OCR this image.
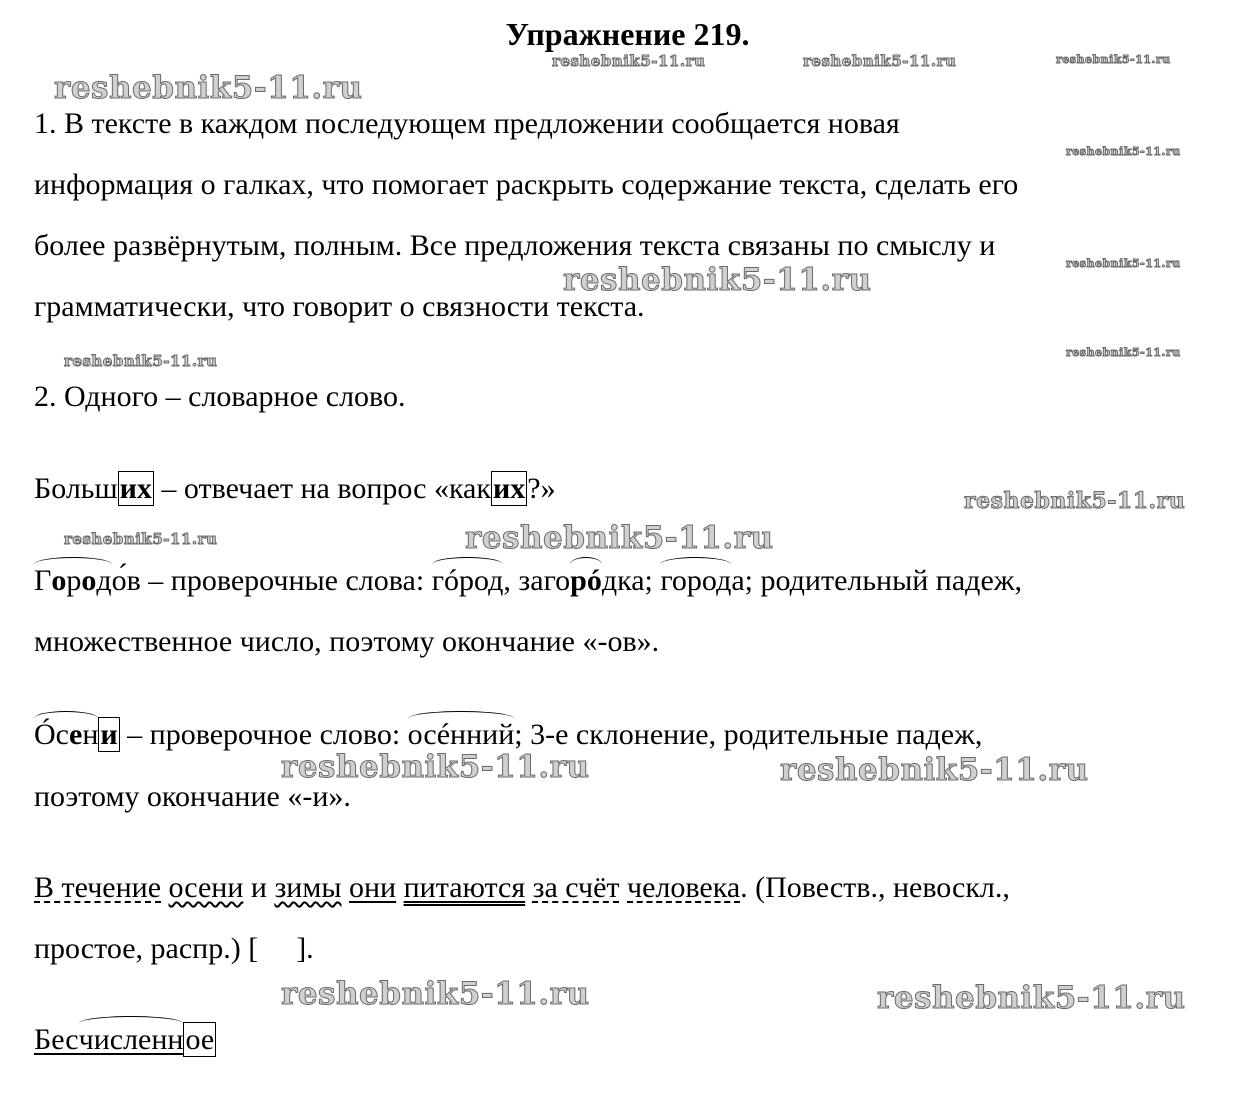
reshebnik5-11.ru
reshebnik5-11.ru	reshebnik5-11.ru	reshebnik5-11.ru
reshebnik5-11.ru
reshebnik5-11.ru
reshebnik5-11.ru
reshebnik5-11.ru	reshebnik5-11.ru
reshebnik5-11.ru
reshebnik5-11.ru	reshebnik5-11.ru
reshebnik5-11.ru	reshebnik5-11.ru
reshebnik5-11.ru	reshebnik5-11.ru
Упражнение 219.
1. В тексте в каждом последующем предложении сообщается новая
информация о галках, что помогает раскрыть содержание текста, сделать его
более развёрнутым, полным. Все предложения текста связаны по смыслу и
грамматически, что говорит о связности текста.
2. Одного – словарное слово.
Больших – отвечает на вопрос «каких?»
Городо́в – проверочные слова: гóрод, загорóдка; города; родительный падеж,
множественное число, поэтому окончание «-ов».
Óсени – проверочное слово: осéнний; 3-е склонение, родительные падеж,
поэтому окончание «-и».
В течение осени и зимы они питаются за счёт человека. (Повеств., невоскл.,
простое, распр.) [ ].
Бесчисленное
